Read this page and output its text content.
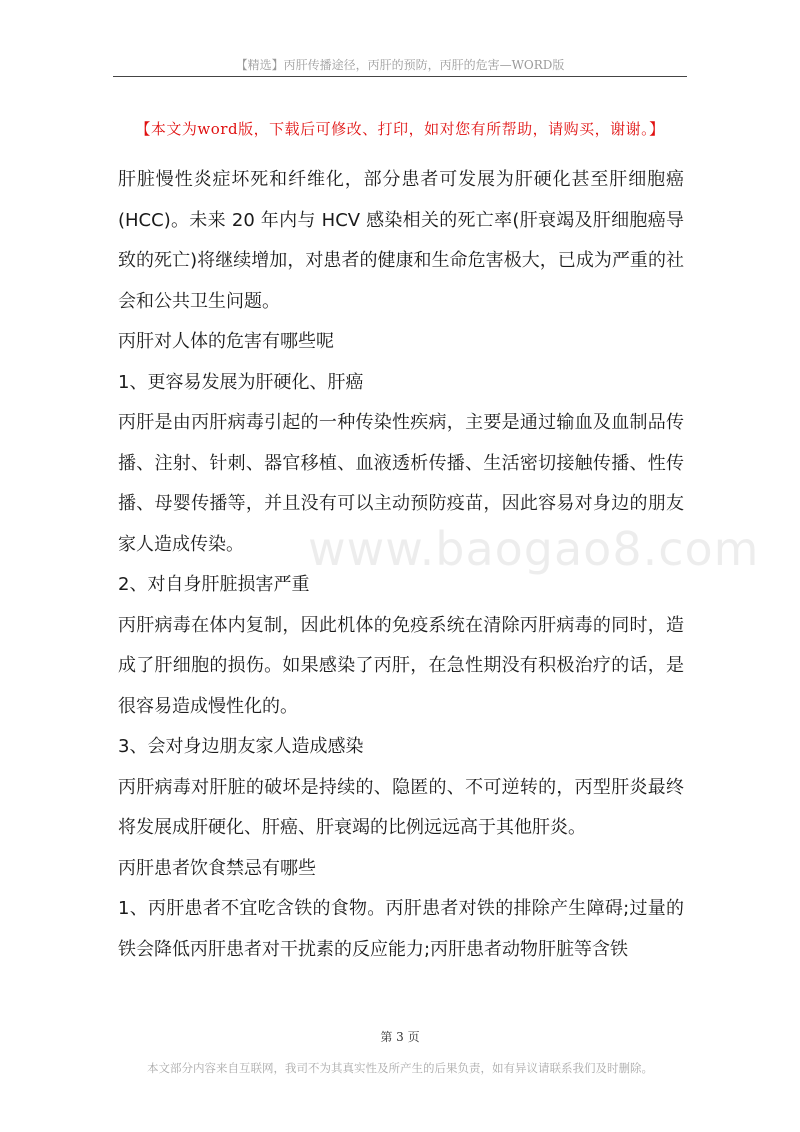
【精选】丙肝传播途径，丙肝的预防，丙肝的危害—WORD版
【本文为word版，下载后可修改、打印，如对您有所帮助，请购买，谢谢。】
www.baogao8.com

肝脏慢性炎症坏死和纤维化，部分患者可发展为肝硬化甚至肝细胞癌(HCC)。未来 20 年内与 HCV 感染相关的死亡率(肝衰竭及肝细胞癌导致的死亡)将继续增加，对患者的健康和生命危害极大，已成为严重的社会和公共卫生问题。

丙肝对人体的危害有哪些呢

1、更容易发展为肝硬化、肝癌

丙肝是由丙肝病毒引起的一种传染性疾病，主要是通过输血及血制品传播、注射、针刺、器官移植、血液透析传播、生活密切接触传播、性传播、母婴传播等，并且没有可以主动预防疫苗，因此容易对身边的朋友家人造成传染。

2、对自身肝脏损害严重

丙肝病毒在体内复制，因此机体的免疫系统在清除丙肝病毒的同时，造成了肝细胞的损伤。如果感染了丙肝，在急性期没有积极治疗的话，是很容易造成慢性化的。

3、会对身边朋友家人造成感染

丙肝病毒对肝脏的破坏是持续的、隐匿的、不可逆转的，丙型肝炎最终将发展成肝硬化、肝癌、肝衰竭的比例远远高于其他肝炎。

丙肝患者饮食禁忌有哪些

1、丙肝患者不宜吃含铁的食物。丙肝患者对铁的排除产生障碍;过量的铁会降低丙肝患者对干扰素的反应能力;丙肝患者动物肝脏等含铁

第 3 页
本文部分内容来自互联网，我司不为其真实性及所产生的后果负责，如有异议请联系我们及时删除。
